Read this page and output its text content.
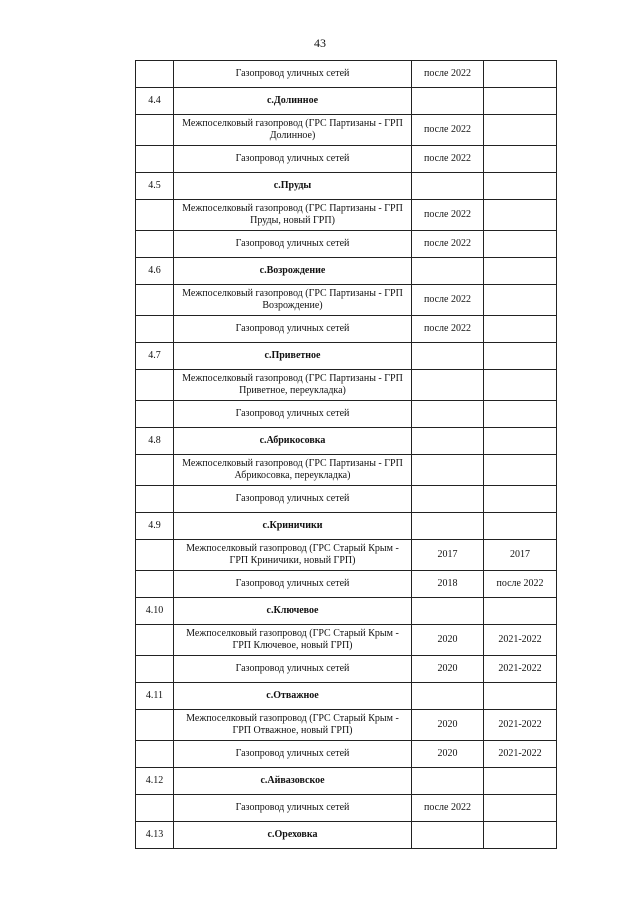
43
	Газопровод уличных сетей	после 2022	
4.4	с.Долинное		
	Межпоселковый газопровод (ГРС Партизаны - ГРП Долинное)	после 2022	
	Газопровод уличных сетей	после 2022	
4.5	с.Пруды		
	Межпоселковый газопровод (ГРС Партизаны - ГРП Пруды, новый ГРП)	после 2022	
	Газопровод уличных сетей	после 2022	
4.6	с.Возрождение		
	Межпоселковый газопровод (ГРС Партизаны - ГРП Возрождение)	после 2022	
	Газопровод уличных сетей	после 2022	
4.7	с.Приветное		
	Межпоселковый газопровод (ГРС Партизаны - ГРП Приветное, переукладка)		
	Газопровод уличных сетей		
4.8	с.Абрикосовка		
	Межпоселковый газопровод (ГРС Партизаны - ГРП Абрикосовка, переукладка)		
	Газопровод уличных сетей		
4.9	с.Криничики		
	Межпоселковый газопровод (ГРС Старый Крым - ГРП Криничики, новый ГРП)	2017	2017
	Газопровод уличных сетей	2018	после 2022
4.10	с.Ключевое		
	Межпоселковый газопровод (ГРС Старый Крым - ГРП Ключевое, новый ГРП)	2020	2021-2022
	Газопровод уличных сетей	2020	2021-2022
4.11	с.Отважное		
	Межпоселковый газопровод (ГРС Старый Крым - ГРП Отважное, новый ГРП)	2020	2021-2022
	Газопровод уличных сетей	2020	2021-2022
4.12	с.Айвазовское		
	Газопровод уличных сетей	после 2022	
4.13	с.Ореховка		
